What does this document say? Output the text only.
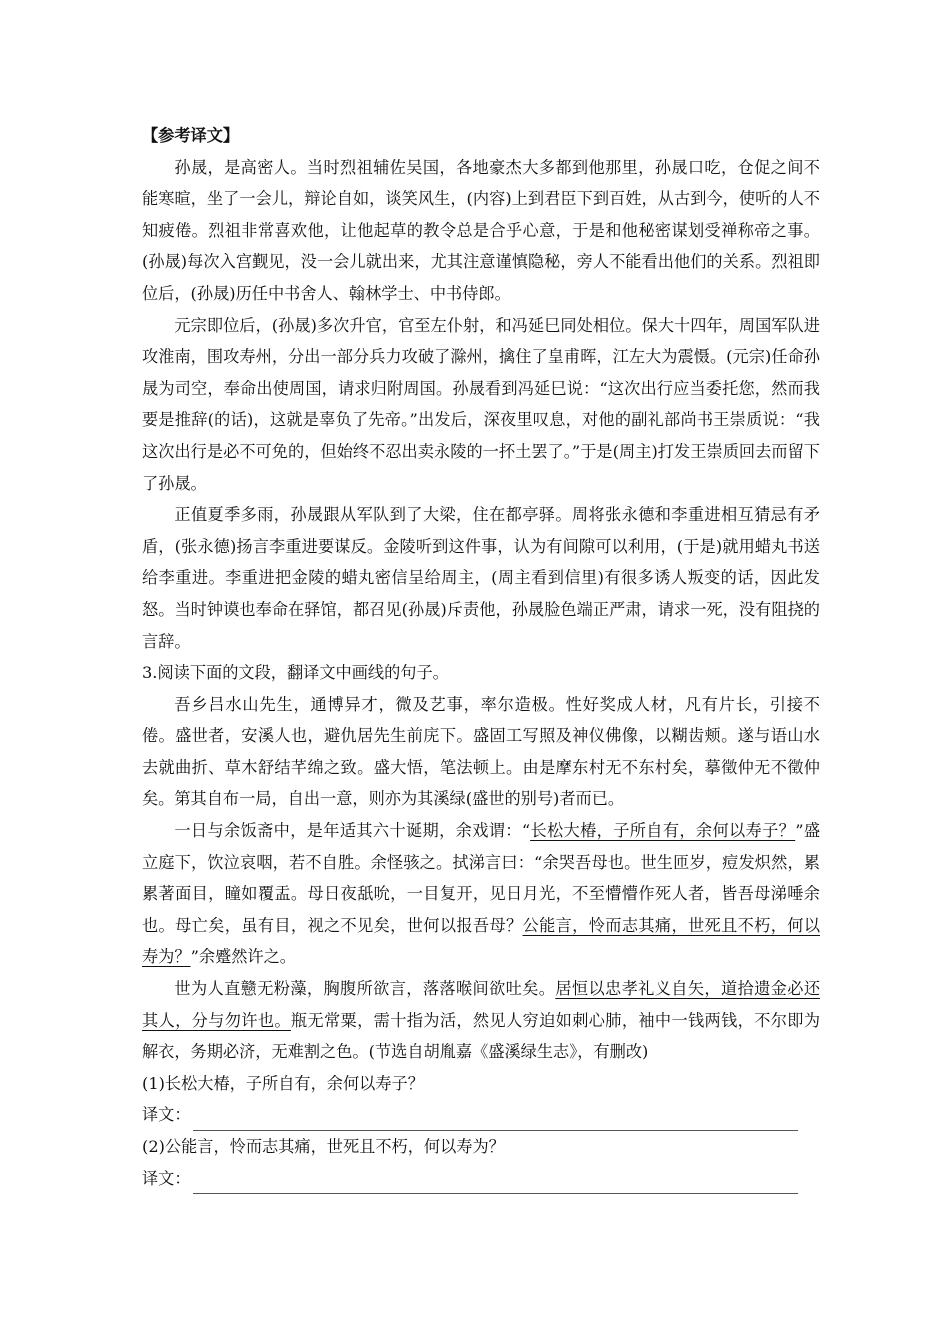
【参考译文】

孙晟，是高密人。当时烈祖辅佐吴国，各地豪杰大多都到他那里，孙晟口吃，仓促之间不能寒暄，坐了一会儿，辩论自如，谈笑风生，(内容)上到君臣下到百姓，从古到今，使听的人不知疲倦。烈祖非常喜欢他，让他起草的教令总是合乎心意，于是和他秘密谋划受禅称帝之事。(孙晟)每次入宫觐见，没一会儿就出来，尤其注意谨慎隐秘，旁人不能看出他们的关系。烈祖即位后，(孙晟)历任中书舍人、翰林学士、中书侍郎。

元宗即位后，(孙晟)多次升官，官至左仆射，和冯延巳同处相位。保大十四年，周国军队进攻淮南，围攻寿州，分出一部分兵力攻破了滁州，擒住了皇甫晖，江左大为震慑。(元宗)任命孙晟为司空，奉命出使周国，请求归附周国。孙晟看到冯延巳说：“这次出行应当委托您，然而我要是推辞(的话)，这就是辜负了先帝。”出发后，深夜里叹息，对他的副礼部尚书王崇质说：“我这次出行是必不可免的，但始终不忍出卖永陵的一抔土罢了。”于是(周主)打发王崇质回去而留下了孙晟。

正值夏季多雨，孙晟跟从军队到了大梁，住在都亭驿。周将张永德和李重进相互猜忌有矛盾，(张永德)扬言李重进要谋反。金陵听到这件事，认为有间隙可以利用，(于是)就用蜡丸书送给李重进。李重进把金陵的蜡丸密信呈给周主，(周主看到信里)有很多诱人叛变的话，因此发怒。当时钟谟也奉命在驿馆，都召见(孙晟)斥责他，孙晟脸色端正严肃，请求一死，没有阻挠的言辞。

3.阅读下面的文段，翻译文中画线的句子。

吾乡吕水山先生，通博异才，微及艺事，率尔造极。性好奖成人材，凡有片长，引接不倦。盛世者，安溪人也，避仇居先生前庑下。盛固工写照及神仪佛像，以糊齿颊。遂与语山水去就曲折、草木舒结芊绵之致。盛大悟，笔法顿上。由是摩东村无不东村矣，摹徵仲无不徵仲矣。第其自布一局，自出一意，则亦为其溪绿(盛世的别号)者而已。

一日与余饭斋中，是年适其六十诞期，余戏谓：“长松大椿，子所自有，余何以寿子？”盛立庭下，饮泣哀咽，若不自胜。余怪骇之。拭涕言曰：“余哭吾母也。世生匝岁，痘发炽然，累累著面目，瞳如覆盂。母日夜舐吮，一目复开，见日月光，不至懵懵作死人者，皆吾母涕唾余也。母亡矣，虽有目，视之不见矣，世何以报吾母？公能言，怜而志其痛，世死且不朽，何以寿为？”余蹙然许之。

世为人直戆无粉藻，胸腹所欲言，落落喉间欲吐矣。居恒以忠孝礼义自矢，道拾遗金必还其人，分与勿许也。瓶无常粟，需十指为活，然见人穷迫如刺心肺，袖中一钱两钱，不尔即为解衣，务期必济，无难割之色。(节选自胡胤嘉《盛溪绿生志》，有删改)

(1)长松大椿，子所自有，余何以寿子？

译文：

(2)公能言，怜而志其痛，世死且不朽，何以寿为？

译文：
